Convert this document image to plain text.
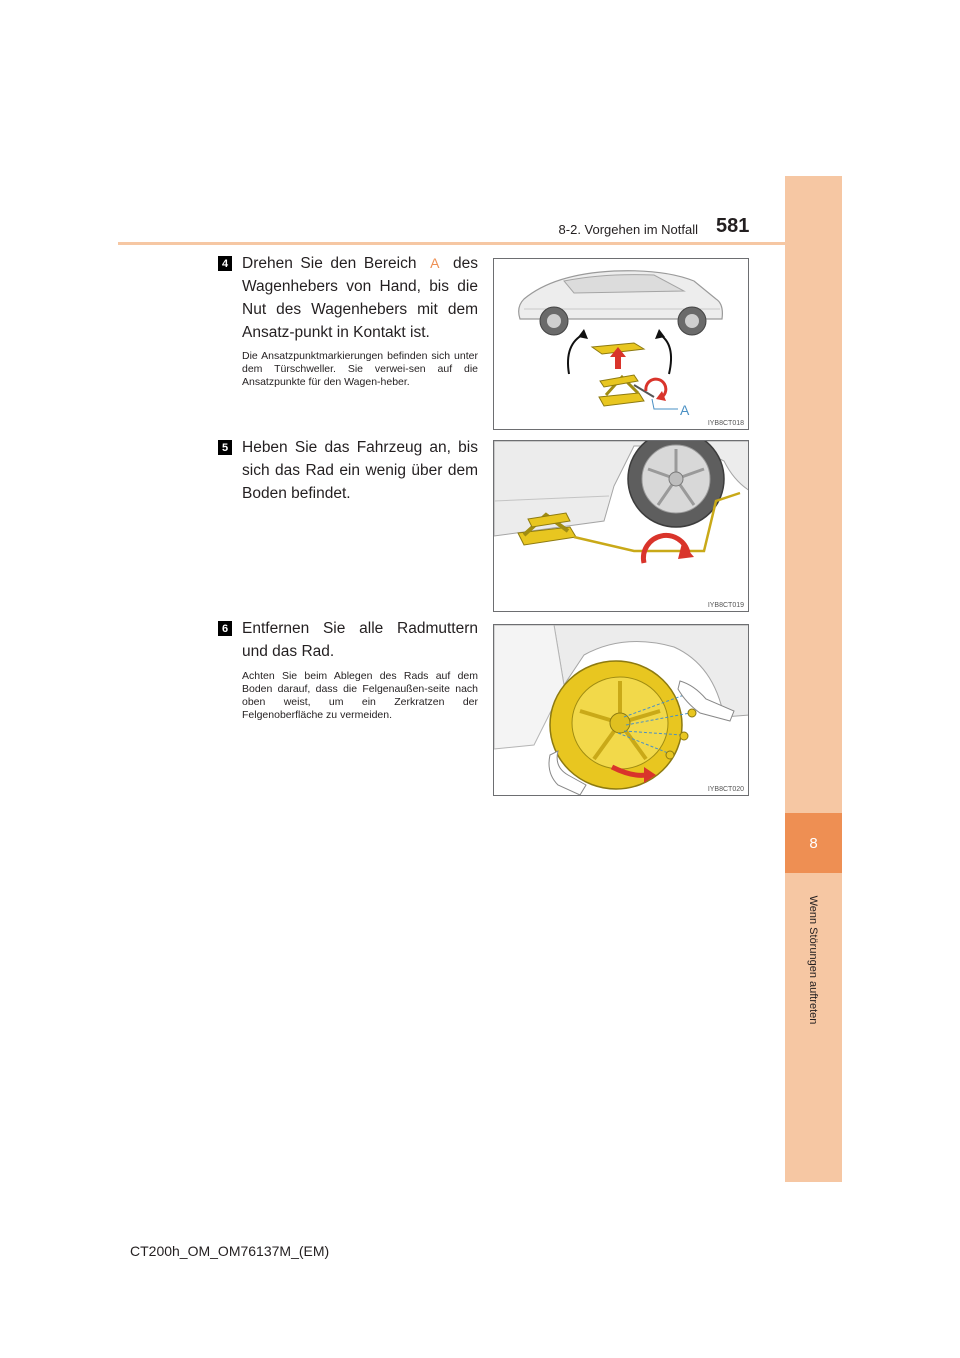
8
Wenn Störungen auftreten
8-2. Vorgehen im Notfall 581
4 Drehen Sie den Bereich A des Wagenhebers von Hand, bis die Nut des Wagenhebers mit dem Ansatz-punkt in Kontakt ist.
Die Ansatzpunktmarkierungen befinden sich unter dem Türschweller. Sie verwei-sen auf die Ansatzpunkte für den Wagen-heber.
A
IYB8CT018
5 Heben Sie das Fahrzeug an, bis sich das Rad ein wenig über dem Boden befindet.
IYB8CT019
6 Entfernen Sie alle Radmuttern und das Rad.
Achten Sie beim Ablegen des Rads auf dem Boden darauf, dass die Felgenaußen-seite nach oben weist, um ein Zerkratzen der Felgenoberfläche zu vermeiden.
IYB8CT020
CT200h_OM_OM76137M_(EM)
